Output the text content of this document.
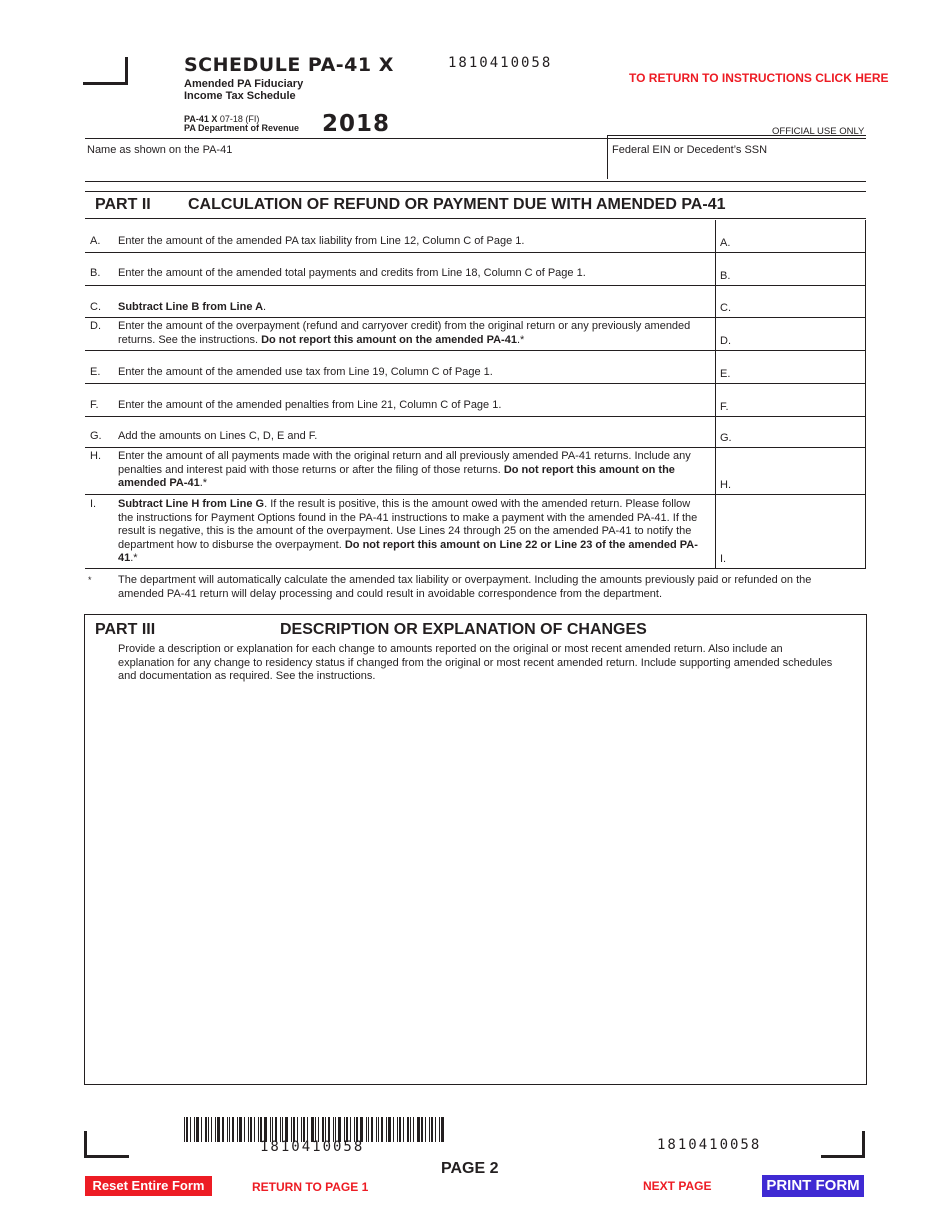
SCHEDULE PA-41 X
Amended PA Fiduciary Income Tax Schedule
PA-41 X 07-18 (FI)
PA Department of Revenue 2018
1810410058
TO RETURN TO INSTRUCTIONS CLICK HERE
OFFICIAL USE ONLY
Name as shown on the PA-41	Federal EIN or Decedent’s SSN
PART II CALCULATION OF REFUND OR PAYMENT DUE WITH AMENDED PA-41
A. Enter the amount of the amended PA tax liability from Line 12, Column C of Page 1.	A.
B. Enter the amount of the amended total payments and credits from Line 18, Column C of Page 1.	B.
C. Subtract Line B from Line A.	C.
D. Enter the amount of the overpayment (refund and carryover credit) from the original return or any previously amended returns. See the instructions. Do not report this amount on the amended PA-41.*	D.
E. Enter the amount of the amended use tax from Line 19, Column C of Page 1.	E.
F. Enter the amount of the amended penalties from Line 21, Column C of Page 1.	F.
G. Add the amounts on Lines C, D, E and F.	G.
H. Enter the amount of all payments made with the original return and all previously amended PA-41 returns. Include any penalties and interest paid with those returns or after the filing of those returns. Do not report this amount on the amended PA-41.*	H.
I. Subtract Line H from Line G. If the result is positive, this is the amount owed with the amended return. Please follow the instructions for Payment Options found in the PA-41 instructions to make a payment with the amended PA-41. If the result is negative, this is the amount of the overpayment. Use Lines 24 through 25 on the amended PA-41 to notify the department how to disburse the overpayment. Do not report this amount on Line 22 or Line 23 of the amended PA-41.*	I.
* The department will automatically calculate the amended tax liability or overpayment. Including the amounts previously paid or refunded on the amended PA-41 return will delay processing and could result in avoidable correspondence from the department.
PART III	DESCRIPTION OR EXPLANATION OF CHANGES
Provide a description or explanation for each change to amounts reported on the original or most recent amended return. Also include an explanation for any change to residency status if changed from the original or most recent amended return. Include supporting amended schedules and documentation as required. See the instructions.
1810410058	1810410058
PAGE 2
Reset Entire Form	RETURN TO PAGE 1	NEXT PAGE	PRINT FORM
